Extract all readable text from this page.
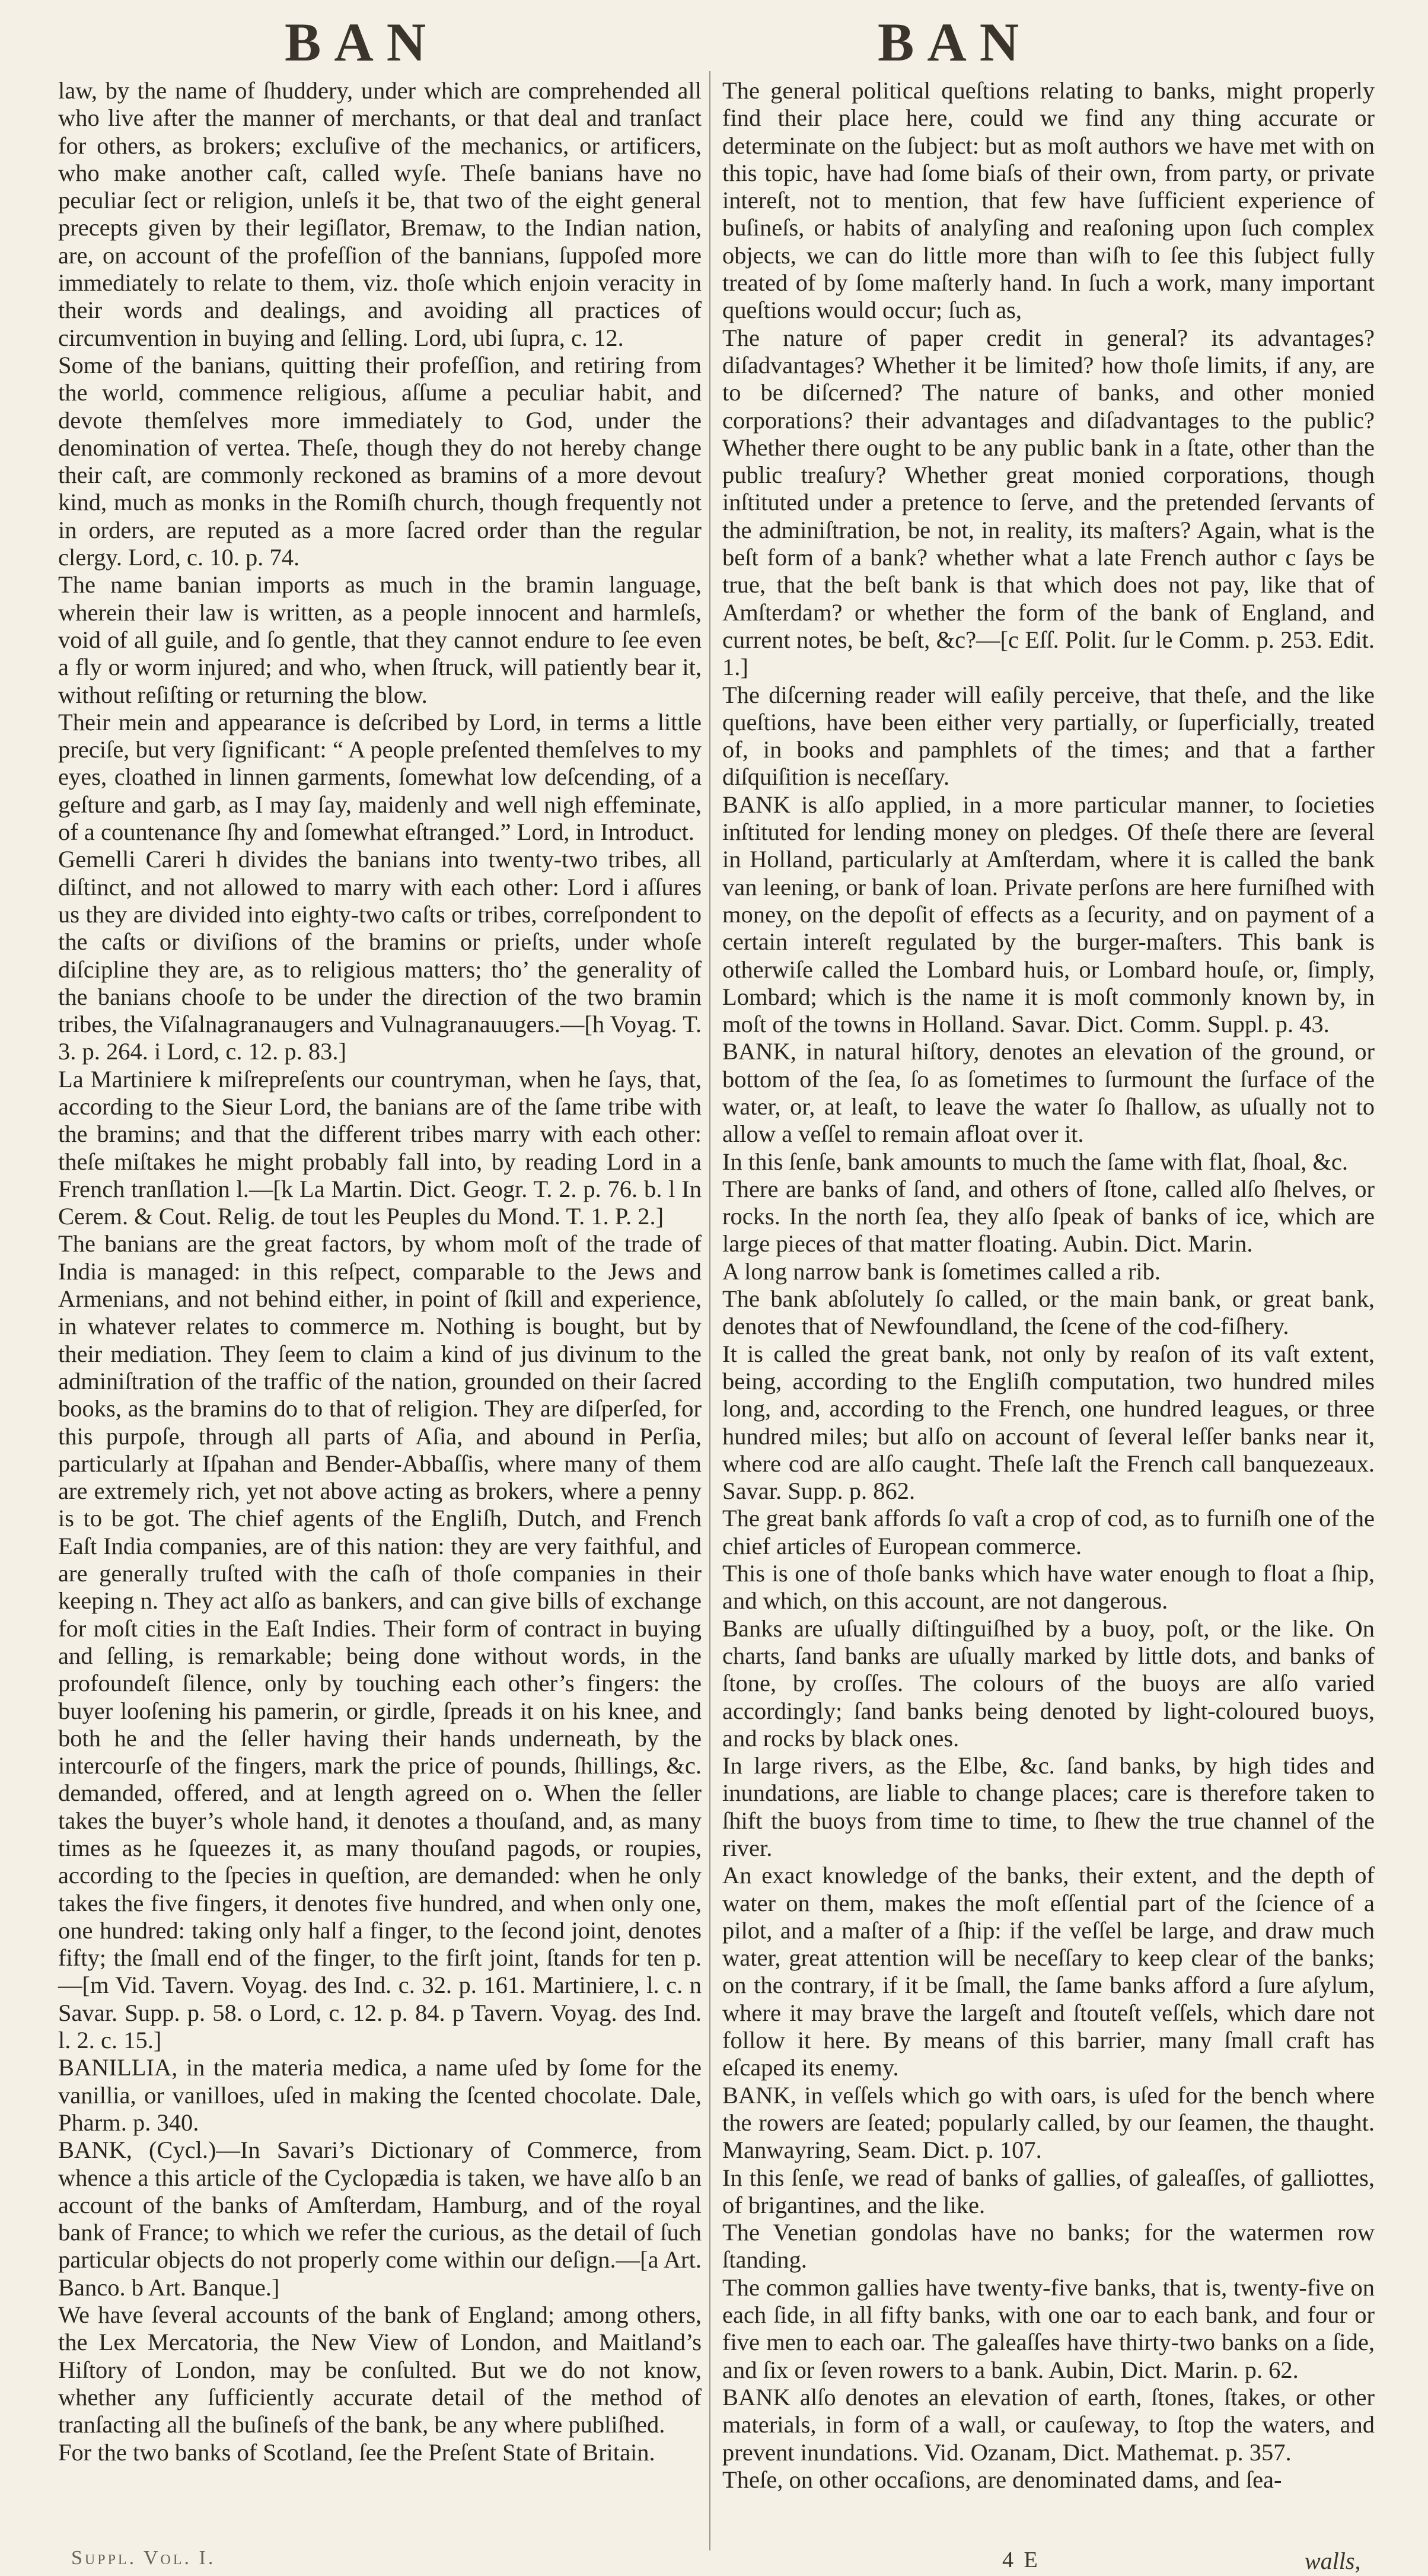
BAN	BAN

law, by the name of ſhuddery, under which are comprehended all who live after the manner of merchants, or that deal and tranſact for others, as brokers; excluſive of the mechanics, or artificers, who make another caſt, called wyſe. Theſe banians have no peculiar ſect or religion, unleſs it be, that two of the eight general precepts given by their legiſlator, Bremaw, to the Indian nation, are, on account of the profeſſion of the bannians, ſuppoſed more immediately to relate to them, viz. thoſe which enjoin veracity in their words and dealings, and avoiding all practices of circumvention in buying and ſelling. Lord, ubi ſupra, c. 12.

Some of the banians, quitting their profeſſion, and retiring from the world, commence religious, aſſume a peculiar habit, and devote themſelves more immediately to God, under the denomination of vertea. Theſe, though they do not hereby change their caſt, are commonly reckoned as bramins of a more devout kind, much as monks in the Romiſh church, though frequently not in orders, are reputed as a more ſacred order than the regular clergy. Lord, c. 10. p. 74.

The name banian imports as much in the bramin language, wherein their law is written, as a people innocent and harmleſs, void of all guile, and ſo gentle, that they cannot endure to ſee even a fly or worm injured; and who, when ſtruck, will patiently bear it, without reſiſting or returning the blow.

Their mein and appearance is deſcribed by Lord, in terms a little preciſe, but very ſignificant: “ A people preſented themſelves to my eyes, cloathed in linnen garments, ſomewhat low deſcending, of a geſture and garb, as I may ſay, maidenly and well nigh effeminate, of a countenance ſhy and ſomewhat eſtranged.” Lord, in Introduct.

Gemelli Careri h divides the banians into twenty-two tribes, all diſtinct, and not allowed to marry with each other: Lord i aſſures us they are divided into eighty-two caſts or tribes, correſpondent to the caſts or diviſions of the bramins or prieſts, under whoſe diſcipline they are, as to religious matters; tho’ the generality of the banians chooſe to be under the direction of the two bramin tribes, the Viſalnagranaugers and Vulnagranauugers.—[h Voyag. T. 3. p. 264. i Lord, c. 12. p. 83.]

La Martiniere k miſrepreſents our countryman, when he ſays, that, according to the Sieur Lord, the banians are of the ſame tribe with the bramins; and that the different tribes marry with each other: theſe miſtakes he might probably fall into, by reading Lord in a French tranſlation l.—[k La Martin. Dict. Geogr. T. 2. p. 76. b. l In Cerem. & Cout. Relig. de tout les Peuples du Mond. T. 1. P. 2.]

The banians are the great factors, by whom moſt of the trade of India is managed: in this reſpect, comparable to the Jews and Armenians, and not behind either, in point of ſkill and experience, in whatever relates to commerce m. Nothing is bought, but by their mediation. They ſeem to claim a kind of jus divinum to the adminiſtration of the traffic of the nation, grounded on their ſacred books, as the bramins do to that of religion. They are diſperſed, for this purpoſe, through all parts of Aſia, and abound in Perſia, particularly at Iſpahan and Bender-Abbaſſis, where many of them are extremely rich, yet not above acting as brokers, where a penny is to be got. The chief agents of the Engliſh, Dutch, and French Eaſt India companies, are of this nation: they are very faithful, and are generally truſted with the caſh of thoſe companies in their keeping n. They act alſo as bankers, and can give bills of exchange for moſt cities in the Eaſt Indies. Their form of contract in buying and ſelling, is remarkable; being done without words, in the profoundeſt ſilence, only by touching each other’s fingers: the buyer looſening his pamerin, or girdle, ſpreads it on his knee, and both he and the ſeller having their hands underneath, by the intercourſe of the fingers, mark the price of pounds, ſhillings, &c. demanded, offered, and at length agreed on o. When the ſeller takes the buyer’s whole hand, it denotes a thouſand, and, as many times as he ſqueezes it, as many thouſand pagods, or roupies, according to the ſpecies in queſtion, are demanded: when he only takes the five fingers, it denotes five hundred, and when only one, one hundred: taking only half a finger, to the ſecond joint, denotes fifty; the ſmall end of the finger, to the firſt joint, ſtands for ten p.—[m Vid. Tavern. Voyag. des Ind. c. 32. p. 161. Martiniere, l. c. n Savar. Supp. p. 58. o Lord, c. 12. p. 84. p Tavern. Voyag. des Ind. l. 2. c. 15.]

BANILLIA, in the materia medica, a name uſed by ſome for the vanillia, or vanilloes, uſed in making the ſcented chocolate. Dale, Pharm. p. 340.

BANK, (Cycl.)—In Savari’s Dictionary of Commerce, from whence a this article of the Cyclopædia is taken, we have alſo b an account of the banks of Amſterdam, Hamburg, and of the royal bank of France; to which we refer the curious, as the detail of ſuch particular objects do not properly come within our deſign.—[a Art. Banco. b Art. Banque.]

We have ſeveral accounts of the bank of England; among others, the Lex Mercatoria, the New View of London, and Maitland’s Hiſtory of London, may be conſulted. But we do not know, whether any ſufficiently accurate detail of the method of tranſacting all the buſineſs of the bank, be any where publiſhed.

For the two banks of Scotland, ſee the Preſent State of Britain.

The general political queſtions relating to banks, might properly find their place here, could we find any thing accurate or determinate on the ſubject: but as moſt authors we have met with on this topic, have had ſome biaſs of their own, from party, or private intereſt, not to mention, that few have ſufficient experience of buſineſs, or habits of analyſing and reaſoning upon ſuch complex objects, we can do little more than wiſh to ſee this ſubject fully treated of by ſome maſterly hand. In ſuch a work, many important queſtions would occur; ſuch as,

The nature of paper credit in general? its advantages? diſadvantages? Whether it be limited? how thoſe limits, if any, are to be diſcerned? The nature of banks, and other monied corporations? their advantages and diſadvantages to the public? Whether there ought to be any public bank in a ſtate, other than the public treaſury? Whether great monied corporations, though inſtituted under a pretence to ſerve, and the pretended ſervants of the adminiſtration, be not, in reality, its maſters? Again, what is the beſt form of a bank? whether what a late French author c ſays be true, that the beſt bank is that which does not pay, like that of Amſterdam? or whether the form of the bank of England, and current notes, be beſt, &c?—[c Eſſ. Polit. ſur le Comm. p. 253. Edit. 1.]

The diſcerning reader will eaſily perceive, that theſe, and the like queſtions, have been either very partially, or ſuperficially, treated of, in books and pamphlets of the times; and that a farther diſquiſition is neceſſary.

BANK is alſo applied, in a more particular manner, to ſocieties inſtituted for lending money on pledges. Of theſe there are ſeveral in Holland, particularly at Amſterdam, where it is called the bank van leening, or bank of loan. Private perſons are here furniſhed with money, on the depoſit of effects as a ſecurity, and on payment of a certain intereſt regulated by the burger-maſters. This bank is otherwiſe called the Lombard huis, or Lombard houſe, or, ſimply, Lombard; which is the name it is moſt commonly known by, in moſt of the towns in Holland. Savar. Dict. Comm. Suppl. p. 43.

BANK, in natural hiſtory, denotes an elevation of the ground, or bottom of the ſea, ſo as ſometimes to ſurmount the ſurface of the water, or, at leaſt, to leave the water ſo ſhallow, as uſually not to allow a veſſel to remain afloat over it.

In this ſenſe, bank amounts to much the ſame with flat, ſhoal, &c.

There are banks of ſand, and others of ſtone, called alſo ſhelves, or rocks. In the north ſea, they alſo ſpeak of banks of ice, which are large pieces of that matter floating. Aubin. Dict. Marin.

A long narrow bank is ſometimes called a rib.

The bank abſolutely ſo called, or the main bank, or great bank, denotes that of Newfoundland, the ſcene of the cod-fiſhery.

It is called the great bank, not only by reaſon of its vaſt extent, being, according to the Engliſh computation, two hundred miles long, and, according to the French, one hundred leagues, or three hundred miles; but alſo on account of ſeveral leſſer banks near it, where cod are alſo caught. Theſe laſt the French call banquezeaux. Savar. Supp. p. 862.

The great bank affords ſo vaſt a crop of cod, as to furniſh one of the chief articles of European commerce.

This is one of thoſe banks which have water enough to float a ſhip, and which, on this account, are not dangerous.

Banks are uſually diſtinguiſhed by a buoy, poſt, or the like. On charts, ſand banks are uſually marked by little dots, and banks of ſtone, by croſſes. The colours of the buoys are alſo varied accordingly; ſand banks being denoted by light-coloured buoys, and rocks by black ones.

In large rivers, as the Elbe, &c. ſand banks, by high tides and inundations, are liable to change places; care is therefore taken to ſhift the buoys from time to time, to ſhew the true channel of the river.

An exact knowledge of the banks, their extent, and the depth of water on them, makes the moſt eſſential part of the ſcience of a pilot, and a maſter of a ſhip: if the veſſel be large, and draw much water, great attention will be neceſſary to keep clear of the banks; on the contrary, if it be ſmall, the ſame banks afford a ſure aſylum, where it may brave the largeſt and ſtouteſt veſſels, which dare not follow it here. By means of this barrier, many ſmall craft has eſcaped its enemy.

BANK, in veſſels which go with oars, is uſed for the bench where the rowers are ſeated; popularly called, by our ſeamen, the thaught. Manwayring, Seam. Dict. p. 107.

In this ſenſe, we read of banks of gallies, of galeaſſes, of galliottes, of brigantines, and the like.

The Venetian gondolas have no banks; for the watermen row ſtanding.

The common gallies have twenty-five banks, that is, twenty-five on each ſide, in all fifty banks, with one oar to each bank, and four or five men to each oar. The galeaſſes have thirty-two banks on a ſide, and ſix or ſeven rowers to a bank. Aubin, Dict. Marin. p. 62.

BANK alſo denotes an elevation of earth, ſtones, ſtakes, or other materials, in form of a wall, or cauſeway, to ſtop the waters, and prevent inundations. Vid. Ozanam, Dict. Mathemat. p. 357.

Theſe, on other occaſions, are denominated dams, and ſea-

Suppl. Vol. I.	4 E	walls,
